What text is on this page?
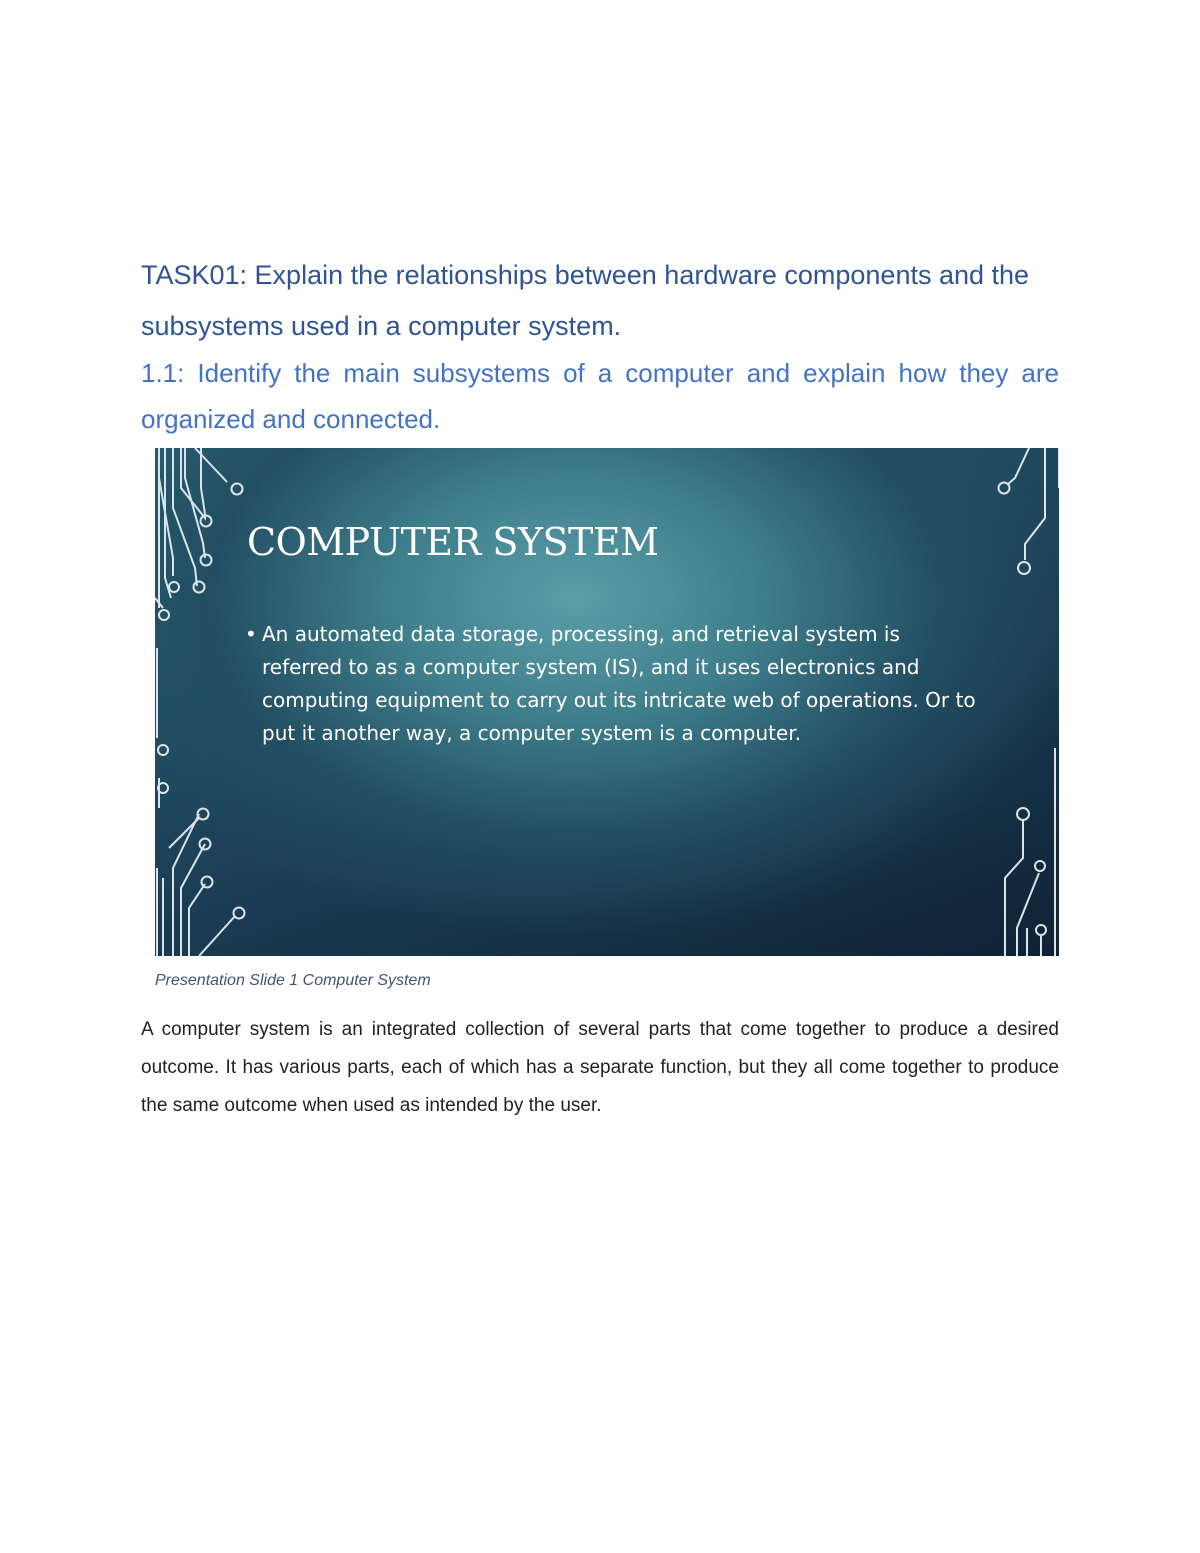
TASK01: Explain the relationships between hardware components and the subsystems used in a computer system.
1.1: Identify the main subsystems of a computer and explain how they are organized and connected.
COMPUTER SYSTEM
• An automated data storage, processing, and retrieval system is referred to as a computer system (IS), and it uses electronics and computing equipment to carry out its intricate web of operations. Or to put it another way, a computer system is a computer.

Presentation Slide 1 Computer System

A computer system is an integrated collection of several parts that come together to produce a desired outcome. It has various parts, each of which has a separate function, but they all come together to produce the same outcome when used as intended by the user.
